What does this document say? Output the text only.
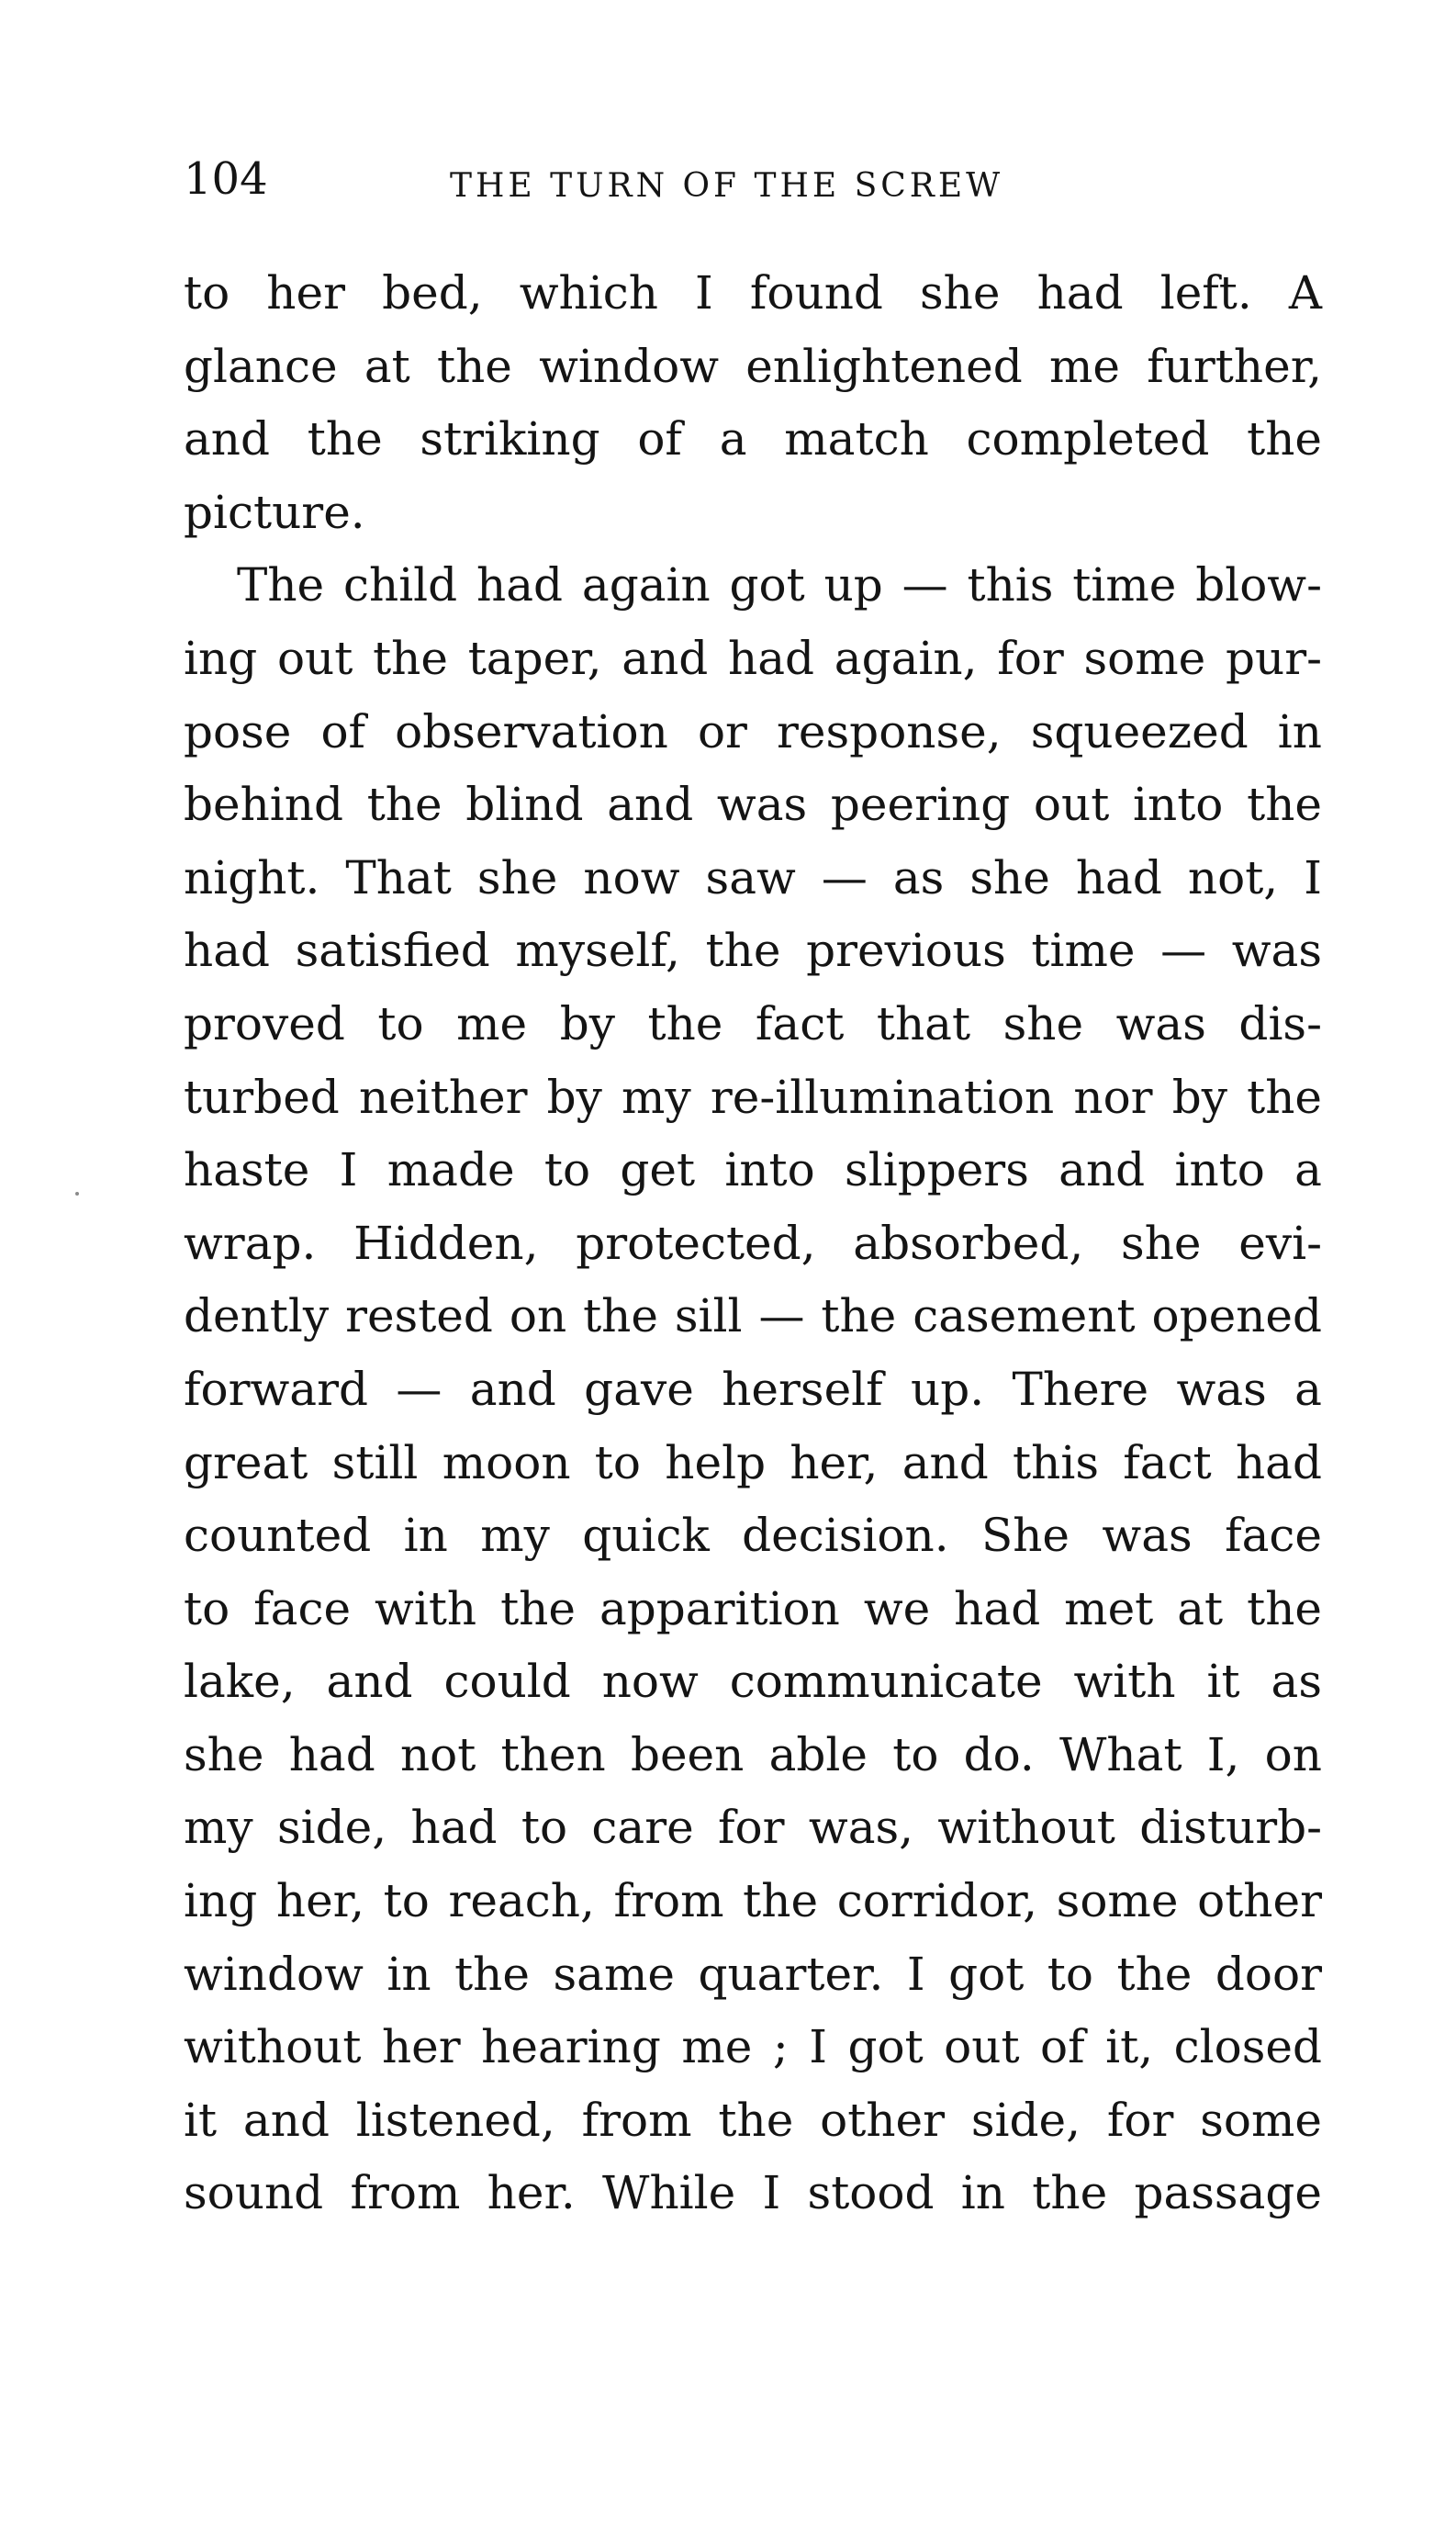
104	THE TURN OF THE SCREW
to her bed, which I found she had left. A
glance at the window enlightened me further,
and the striking of a match completed the
picture.
The child had again got up — this time blow-
ing out the taper, and had again, for some pur-
pose of observation or response, squeezed in
behind the blind and was peering out into the
night. That she now saw — as she had not, I
had satisfied myself, the previous time — was
proved to me by the fact that she was dis-
turbed neither by my re-illumination nor by the
haste I made to get into slippers and into a
wrap. Hidden, protected, absorbed, she evi-
dently rested on the sill — the casement opened
forward — and gave herself up. There was a
great still moon to help her, and this fact had
counted in my quick decision. She was face
to face with the apparition we had met at the
lake, and could now communicate with it as
she had not then been able to do. What I, on
my side, had to care for was, without disturb-
ing her, to reach, from the corridor, some other
window in the same quarter. I got to the door
without her hearing me ; I got out of it, closed
it and listened, from the other side, for some
sound from her. While I stood in the passage
